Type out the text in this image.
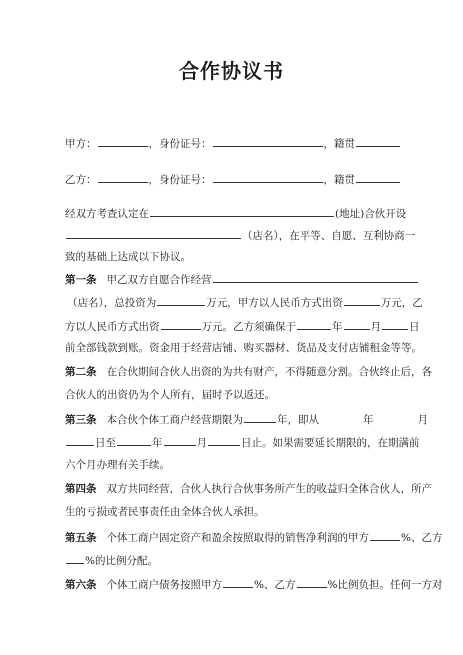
合作协议书
甲方：	，身份证号：	，籍贯
乙方：	，身份证号：	，籍贯
经双方考查认定在	(地址)合伙开设
（店名），在平等、自愿、互利协商一
致的基础上达成以下协议。
第一条 甲乙双方自愿合作经营
（店名），总投资为	万元，甲方以人民币方式出资	万元，乙
方以人民币方式出资	万元。乙方须确保于	年	月	日
前全部钱款到账。资金用于经营店铺、购买器材、货品及支付店铺租金等等。
第二条 在合伙期间合伙人出资的为共有财产，不得随意分割。合伙终止后，各
合伙人的出资仍为个人所有，届时予以返还。
第三条 本合伙个体工商户经营期限为	年，即从	年	月
日至	年	月	日止。如果需要延长期限的，在期满前
六个月办理有关手续。
第四条 双方共同经营，合伙人执行合伙事务所产生的收益归全体合伙人，所产
生的亏损或者民事责任由全体合伙人承担。
第五条 个体工商户固定资产和盈余按照取得的销售净利润的甲方	%、乙方
%的比例分配。
第六条 个体工商户债务按照甲方	%、乙方	%比例负担。任何一方对
